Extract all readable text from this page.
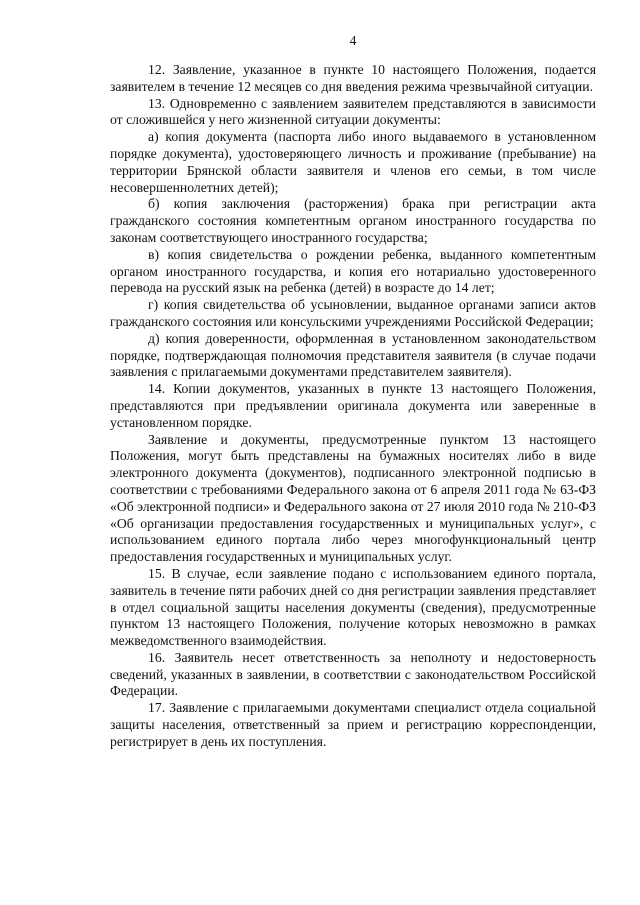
4

12. Заявление, указанное в пункте 10 настоящего Положения, подается заявителем в течение 12 месяцев со дня введения режима чрезвычайной ситуации.

13. Одновременно с заявлением заявителем представляются в зависимости от сложившейся у него жизненной ситуации документы:

а) копия документа (паспорта либо иного выдаваемого в установленном порядке документа), удостоверяющего личность и проживание (пребывание) на территории Брянской области заявителя и членов его семьи, в том числе несовершеннолетних детей);

б) копия заключения (расторжения) брака при регистрации акта гражданского состояния компетентным органом иностранного государства по законам соответствующего иностранного государства;

в) копия свидетельства о рождении ребенка, выданного компетентным органом иностранного государства, и копия его нотариально удостоверенного перевода на русский язык на ребенка (детей) в возрасте до 14 лет;

г) копия свидетельства об усыновлении, выданное органами записи актов гражданского состояния или консульскими учреждениями Российской Федерации;

д) копия доверенности, оформленная в установленном законодательством порядке, подтверждающая полномочия представителя заявителя (в случае подачи заявления с прилагаемыми документами представителем заявителя).

14. Копии документов, указанных в пункте 13 настоящего Положения, представляются при предъявлении оригинала документа или заверенные в установленном порядке.

Заявление и документы, предусмотренные пунктом 13 настоящего Положения, могут быть представлены на бумажных носителях либо в виде электронного документа (документов), подписанного электронной подписью в соответствии с требованиями Федерального закона от 6 апреля 2011 года № 63-ФЗ «Об электронной подписи» и Федерального закона от 27 июля 2010 года № 210-ФЗ «Об организации предоставления государственных и муниципальных услуг», с использованием единого портала либо через многофункциональный центр предоставления государственных и муниципальных услуг.

15. В случае, если заявление подано с использованием единого портала, заявитель в течение пяти рабочих дней со дня регистрации заявления представляет в отдел социальной защиты населения документы (сведения), предусмотренные пунктом 13 настоящего Положения, получение которых невозможно в рамках межведомственного взаимодействия.

16. Заявитель несет ответственность за неполноту и недостоверность сведений, указанных в заявлении, в соответствии с законодательством Российской Федерации.

17. Заявление с прилагаемыми документами специалист отдела социальной защиты населения, ответственный за прием и регистрацию корреспонденции, регистрирует в день их поступления.
